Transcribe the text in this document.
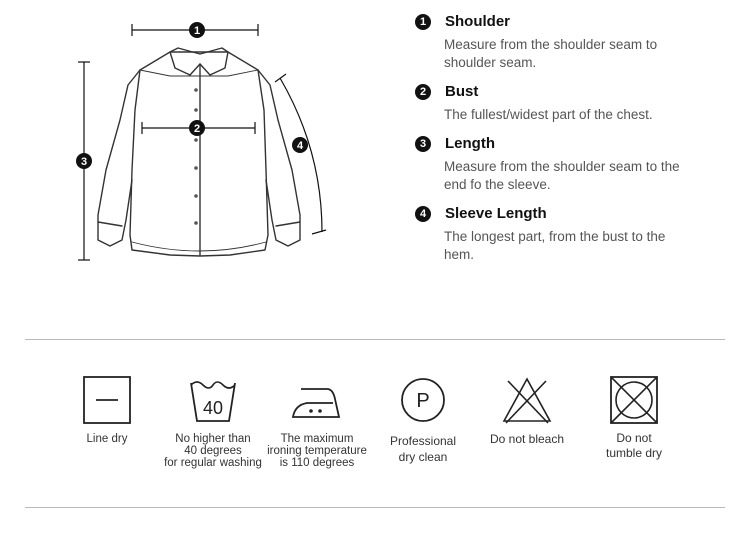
1
2
3
4
1	Shoulder
Measure from the shoulder seam to shoulder seam.
2	Bust
The fullest/widest part of the chest.
3	Length
Measure from the shoulder seam to the end fo the sleeve.
4	Sleeve Length
The longest part, from the bust to the hem.
Line dry
40
No higher than
40 degrees
for regular washing
The maximum
ironing temperature
is 110 degrees
P
Professional
dry clean
Do not bleach	Do not
tumble dry
